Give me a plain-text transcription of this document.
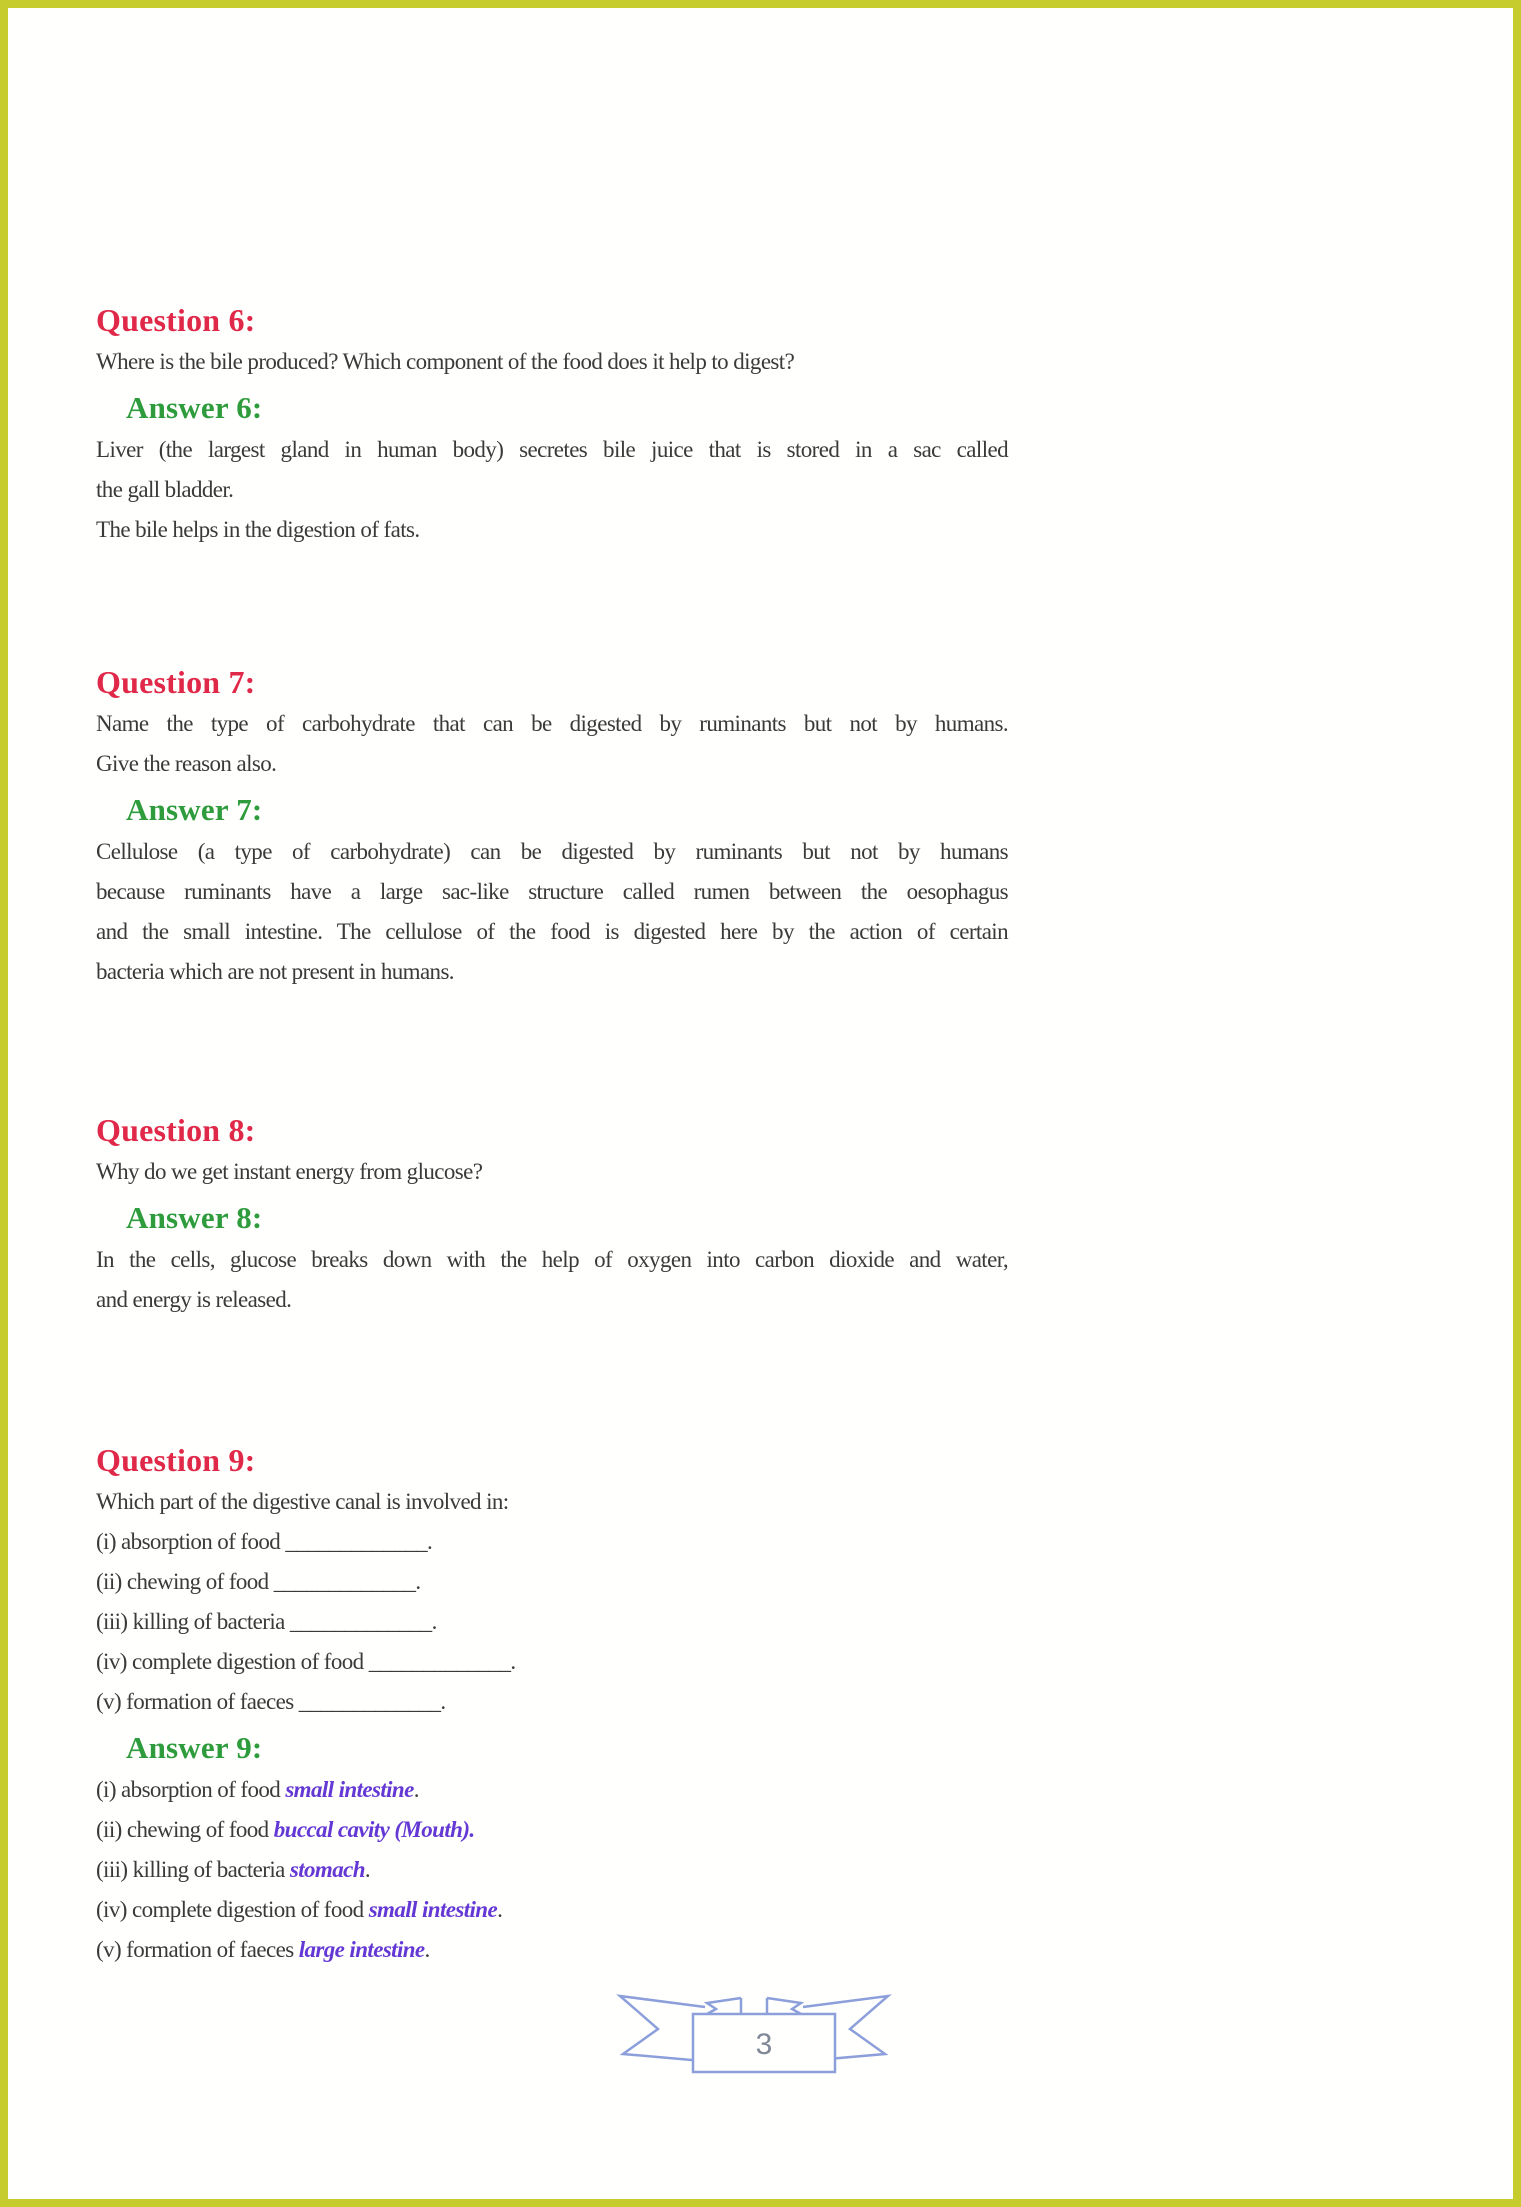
Question 6:
Where is the bile produced? Which component of the food does it help to digest?
Answer 6:
Liver (the largest gland in human body) secretes bile juice that is stored in a sac called
the gall bladder.
The bile helps in the digestion of fats.
Question 7:
Name the type of carbohydrate that can be digested by ruminants but not by humans.
Give the reason also.
Answer 7:
Cellulose (a type of carbohydrate) can be digested by ruminants but not by humans
because ruminants have a large sac-like structure called rumen between the oesophagus
and the small intestine. The cellulose of the food is digested here by the action of certain
bacteria which are not present in humans.
Question 8:
Why do we get instant energy from glucose?
Answer 8:
In the cells, glucose breaks down with the help of oxygen into carbon dioxide and water,
and energy is released.
Question 9:
Which part of the digestive canal is involved in:
(i) absorption of food _____________.
(ii) chewing of food _____________.
(iii) killing of bacteria _____________.
(iv) complete digestion of food _____________.
(v) formation of faeces _____________.
Answer 9:
(i) absorption of food small intestine.
(ii) chewing of food buccal cavity (Mouth).
(iii) killing of bacteria stomach.
(iv) complete digestion of food small intestine.
(v) formation of faeces large intestine.
3
